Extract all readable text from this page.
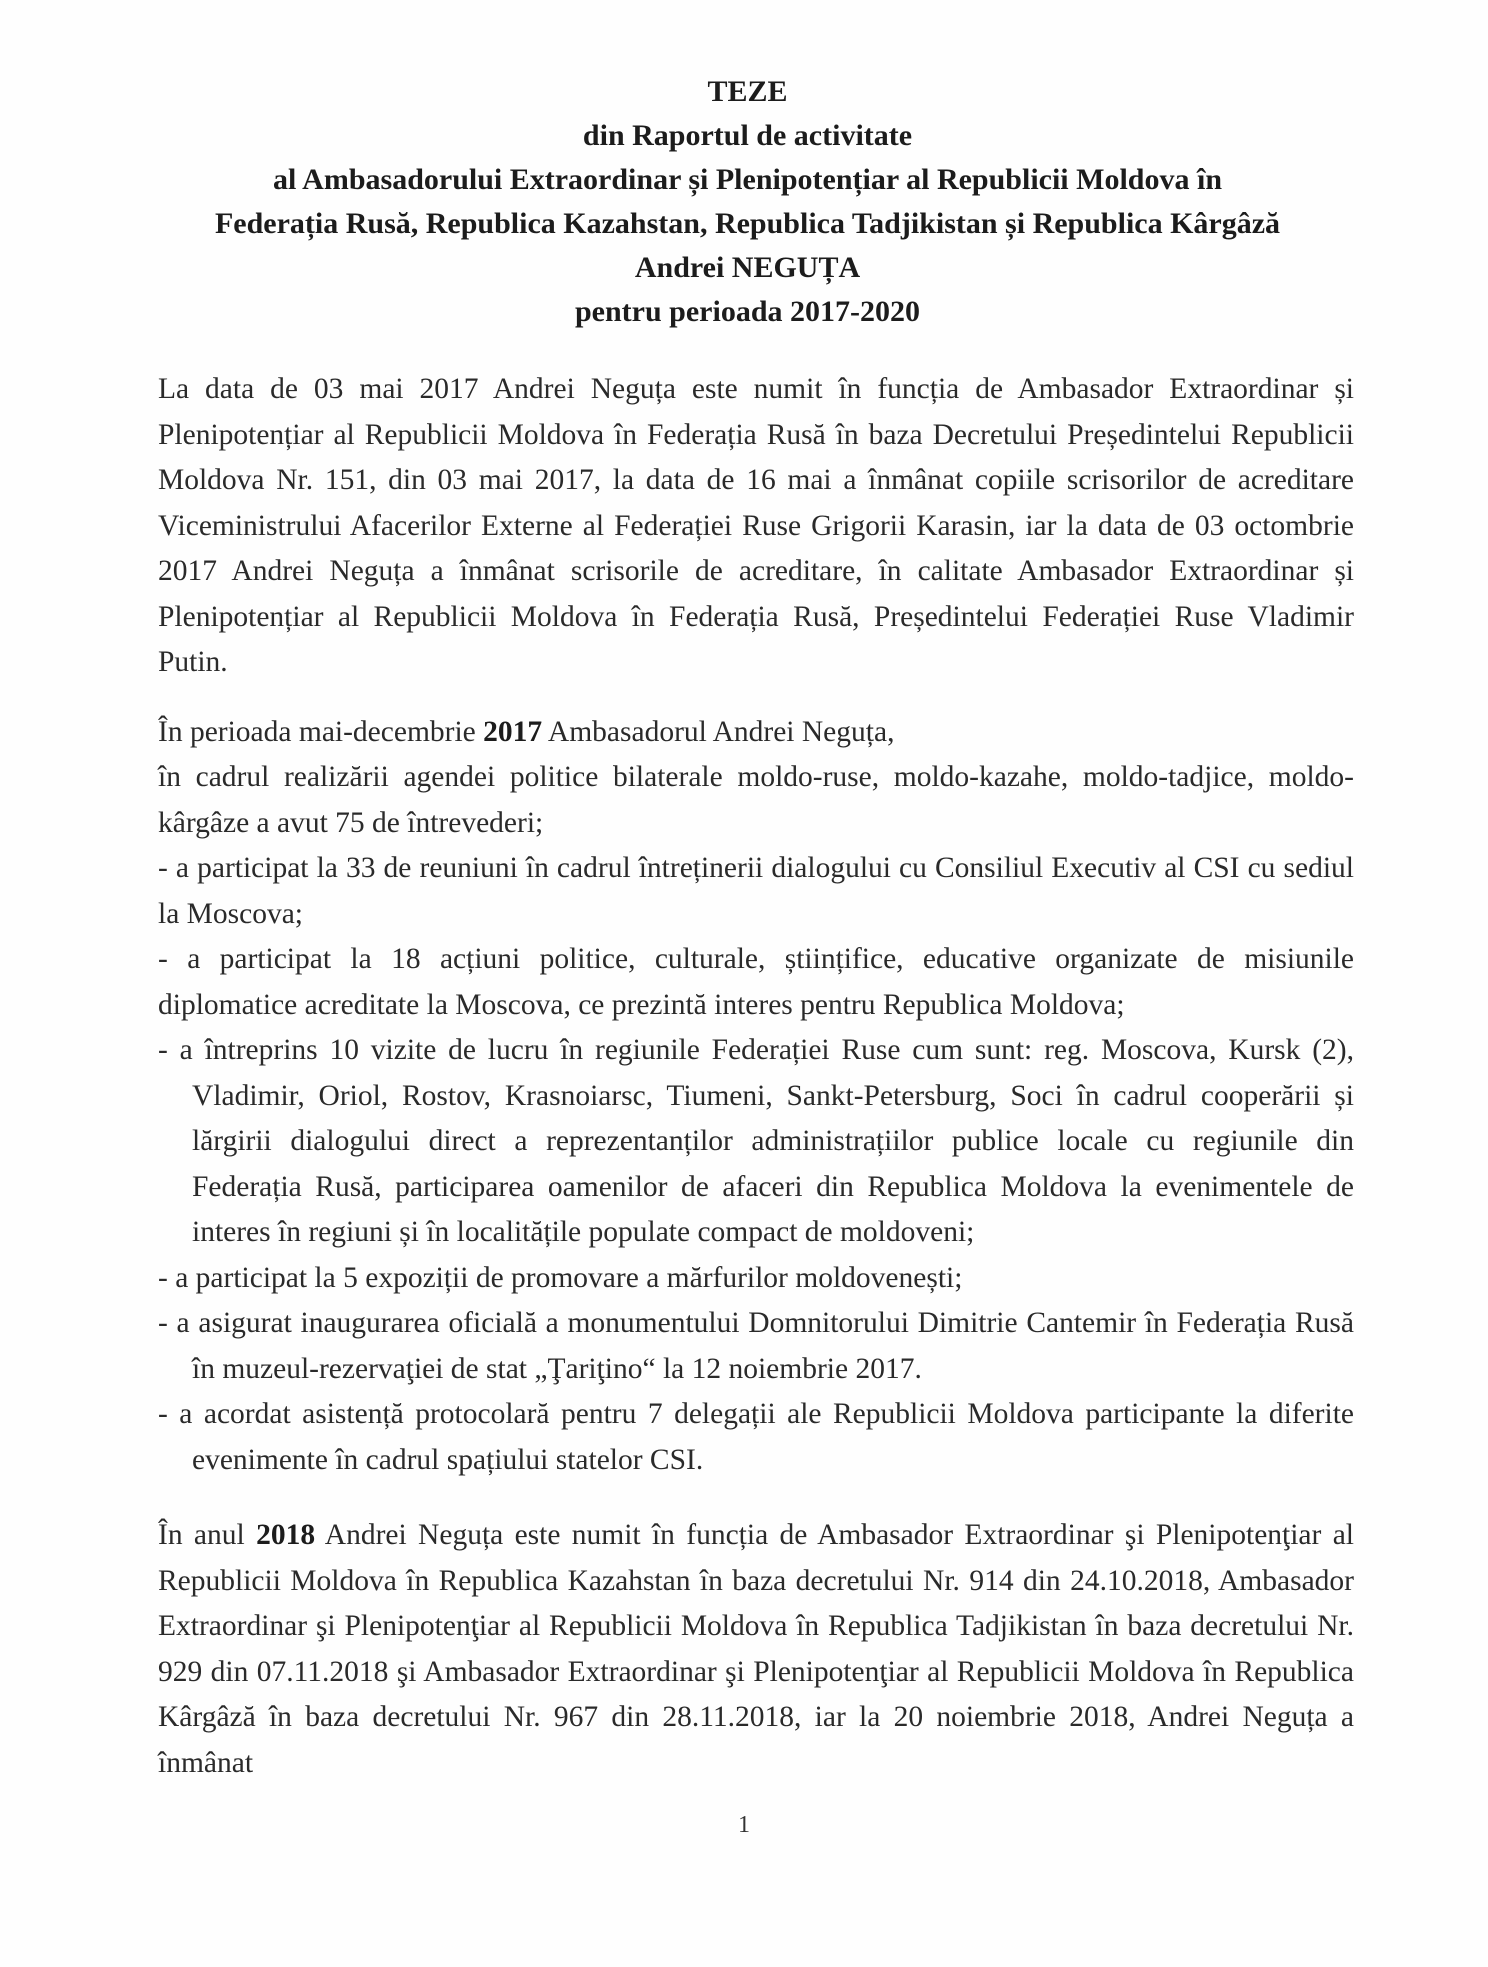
TEZE
din Raportul de activitate
al Ambasadorului Extraordinar și Plenipotențiar al Republicii Moldova în
Federația Rusă, Republica Kazahstan, Republica Tadjikistan și Republica Kârgâză
Andrei NEGUȚA
pentru perioada 2017-2020

La data de 03 mai 2017 Andrei Neguța este numit în funcția de Ambasador Extraordinar și Plenipotențiar al Republicii Moldova în Federația Rusă în baza Decretului Președintelui Republicii Moldova Nr. 151, din 03 mai 2017, la data de 16 mai a înmânat copiile scrisorilor de acreditare Viceministrului Afacerilor Externe al Federației Ruse Grigorii Karasin, iar la data de 03 octombrie 2017 Andrei Neguța a înmânat scrisorile de acreditare, în calitate Ambasador Extraordinar și Plenipotențiar al Republicii Moldova în Federația Rusă, Președintelui Federației Ruse Vladimir Putin.

În perioada mai-decembrie 2017 Ambasadorul Andrei Neguța,

în cadrul realizării agendei politice bilaterale moldo-ruse, moldo-kazahe, moldo-tadjice, moldo-kârgâze a avut 75 de întrevederi;

- a participat la 33 de reuniuni în cadrul întreținerii dialogului cu Consiliul Executiv al CSI cu sediul la Moscova;

- a participat la 18 acțiuni politice, culturale, științifice, educative organizate de misiunile diplomatice acreditate la Moscova, ce prezintă interes pentru Republica Moldova;

- a întreprins 10 vizite de lucru în regiunile Federației Ruse cum sunt: reg. Moscova, Kursk (2), Vladimir, Oriol, Rostov, Krasnoiarsc, Tiumeni, Sankt-Petersburg, Soci în cadrul cooperării și lărgirii dialogului direct a reprezentanților administrațiilor publice locale cu regiunile din Federația Rusă, participarea oamenilor de afaceri din Republica Moldova la evenimentele de interes în regiuni și în localitățile populate compact de moldoveni;

- a participat la 5 expoziții de promovare a mărfurilor moldovenești;

- a asigurat inaugurarea oficială a monumentului Domnitorului Dimitrie Cantemir în Federația Rusă în muzeul-rezervaţiei de stat „Ţariţino“ la 12 noiembrie 2017.

- a acordat asistență protocolară pentru 7 delegații ale Republicii Moldova participante la diferite evenimente în cadrul spațiului statelor CSI.

În anul 2018 Andrei Neguța este numit în funcția de Ambasador Extraordinar şi Plenipotenţiar al Republicii Moldova în Republica Kazahstan în baza decretului Nr. 914 din 24.10.2018, Ambasador Extraordinar şi Plenipotenţiar al Republicii Moldova în Republica Tadjikistan în baza decretului Nr. 929 din 07.11.2018 şi Ambasador Extraordinar şi Plenipotenţiar al Republicii Moldova în Republica Kârgâză în baza decretului Nr. 967 din 28.11.2018, iar la 20 noiembrie 2018, Andrei Neguța a înmânat

1
